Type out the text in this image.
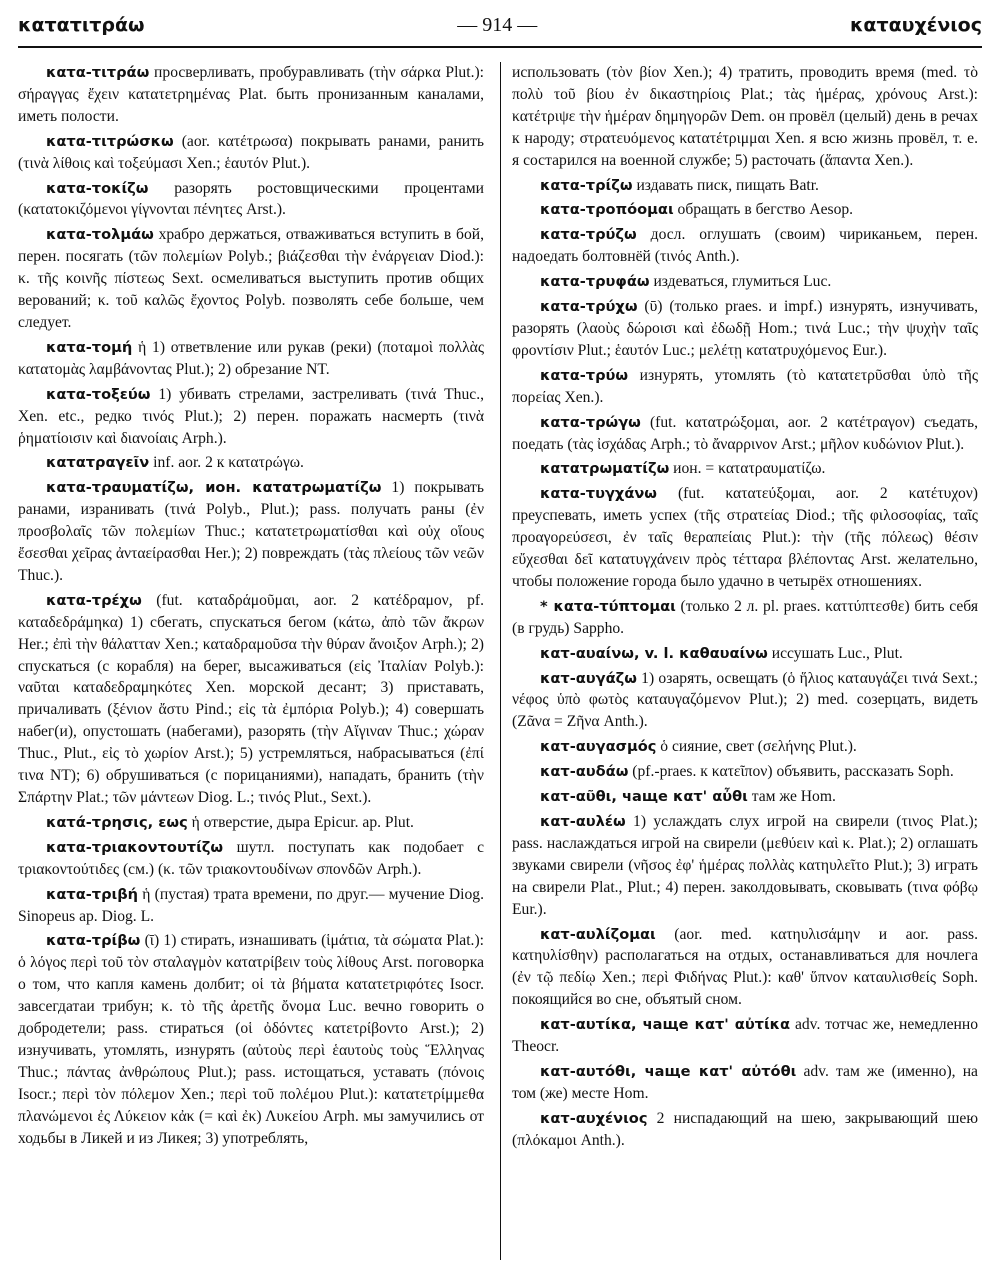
κατατιτράω	— 914 —	καταυχένιος

κατα-τιτράω просверливать, пробуравливать (τὴν σάρκα Plut.): σήραγγας ἔχειν κατατετρημένας Plat. быть пронизанным каналами, иметь полости.

κατα-τιτρώσκω (aor. κατέτρωσα) покрывать ранами, ранить (τινὰ λίθοις καὶ τοξεύμασι Xen.; ἑαυτόν Plut.).

κατα-τοκίζω разорять ростовщическими процентами (κατατοκιζόμενοι γίγνονται πένητες Arst.).

κατα-τολμάω храбро держаться, отваживаться вступить в бой, перен. посягать (τῶν πολεμίων Polyb.; βιάζεσθαι τὴν ἐνάργειαν Diod.): κ. τῆς κοινῆς πίστεως Sext. осмеливаться выступить против общих верований; κ. τοῦ καλῶς ἔχοντος Polyb. позволять себе больше, чем следует.

κατα-τομή ἡ 1) ответвление или рукав (реки) (ποταμοὶ πολλὰς κατατομὰς λαμβάνοντας Plut.); 2) обрезание NT.

κατα-τοξεύω 1) убивать стрелами, застреливать (τινά Thuc., Xen. etc., редко τινός Plut.); 2) перен. поражать насмерть (τινὰ ῥηματίοισιν καὶ διανοίαις Arph.).

κατατραγεῖν inf. aor. 2 к κατατρώγω.

κατα-τραυματίζω, ион. κατατρωματίζω 1) покрывать ранами, изранивать (τινά Polyb., Plut.); pass. получать раны (ἐν προσβολαῖς τῶν πολεμίων Thuc.; κατατετρωματίσθαι καὶ οὐχ οἵους ἔσεσθαι χεῖρας ἀνταείρασθαι Her.); 2) повреждать (τὰς πλείους τῶν νεῶν Thuc.).

κατα-τρέχω (fut. καταδράμοῦμαι, aor. 2 κατέδραμον, pf. καταδεδράμηκα) 1) сбегать, спускаться бегом (κάτω, ἀπὸ τῶν ἄκρων Her.; ἐπὶ τὴν θάλατταν Xen.; καταδραμοῦσα τὴν θύραν ἄνοιξον Arph.); 2) спускаться (с корабля) на берег, высаживаться (εἰς Ἰταλίαν Polyb.): ναῦται καταδεδραμηκότες Xen. морской десант; 3) приставать, причаливать (ξένιον ἄστυ Pind.; εἰς τὰ ἐμπόρια Polyb.); 4) совершать набег(и), опустошать (набегами), разорять (τὴν Αἴγιναν Thuc.; χώραν Thuc., Plut., εἰς τὸ χωρίον Arst.); 5) устремляться, набрасываться (ἐπί τινα NT); 6) обрушиваться (с порицаниями), нападать, бранить (τὴν Σπάρτην Plat.; τῶν μάντεων Diog. L.; τινός Plut., Sext.).

κατά-τρησις, εως ἡ отверстие, дыра Epicur. ap. Plut.

κατα-τριακοντουτίζω шутл. поступать как подобает с τριακοντούτιδες (см.) (κ. τῶν τριακοντουδίνων σπονδῶν Arph.).

κατα-τριβή ἡ (пустая) трата времени, по друг.— мучение Diog. Sinopeus ap. Diog. L.

κατα-τρίβω (ῑ) 1) стирать, изнашивать (ἱμάτια, τὰ σώματα Plat.): ὁ λόγος περὶ τοῦ τὸν σταλαγμὸν κατατρίβειν τοὺς λίθους Arst. поговорка о том, что капля камень долбит; οἱ τὰ βήματα κατατετριφότες Isocr. завсегдатаи трибун; κ. τὸ τῆς ἀρετῆς ὄνομα Luc. вечно говорить о добродетели; pass. стираться (οἱ ὀδόντες κατετρίβοντο Arst.); 2) изнучивать, утомлять, изнурять (αὐτοὺς περὶ ἑαυτοὺς τοὺς Ἕλληνας Thuc.; πάντας ἀνθρώπους Plut.); pass. истощаться, уставать (πόνοις Isocr.; περὶ τὸν πόλεμον Xen.; περὶ τοῦ πολέμου Plut.): κατατετρίμμεθα πλανώμενοι ἐς Λύκειον κἀκ (= καὶ ἐκ) Λυκείου Arph. мы замучились от ходьбы в Ликей и из Ликея; 3) употреблять,

использовать (τὸν βίον Xen.); 4) тратить, проводить время (med. τὸ πολὺ τοῦ βίου ἐν δικαστηρίοις Plat.; τὰς ἡμέρας, χρόνους Arst.): κατέτριψε τὴν ἡμέραν δημηγορῶν Dem. он провёл (целый) день в речах к народу; στρατευόμενος κατατέτριμμαι Xen. я всю жизнь провёл, т. е. я состарился на военной службе; 5) расточать (ἅπαντα Xen.).

κατα-τρίζω издавать писк, пищать Batr.

κατα-τροπόομαι обращать в бегство Aesop.

κατα-τρύζω досл. оглушать (своим) чириканьем, перен. надоедать болтовнёй (τινός Anth.).

κατα-τρυφάω издеваться, глумиться Luc.

κατα-τρύχω (ῡ) (только praes. и impf.) изнурять, изнучивать, разорять (λαοὺς δώροισι καὶ ἐδωδῇ Hom.; τινά Luc.; τὴν ψυχὴν ταῖς φροντίσιν Plut.; ἑαυτόν Luc.; μελέτῃ κατατρυχόμενος Eur.).

κατα-τρύω изнурять, утомлять (τὸ κατατετρῦσθαι ὑπὸ τῆς πορείας Xen.).

κατα-τρώγω (fut. κατατρώξομαι, aor. 2 κατέτραγον) съедать, поедать (τὰς ἰσχάδας Arph.; τὸ ἄναρρινον Arst.; μῆλον κυδώνιον Plut.).

κατατρωματίζω ион. = κατατραυματίζω.

κατα-τυγχάνω (fut. κατατεύξομαι, aor. 2 κατέτυχον) преуспевать, иметь успех (τῆς στρατείας Diod.; τῆς φιλοσοφίας, ταῖς προαγορεύσεσι, ἐν ταῖς θεραπείαις Plut.): τὴν (τῆς πόλεως) θέσιν εὔχεσθαι δεῖ κατατυγχάνειν πρὸς τέτταρα βλέποντας Arst. желательно, чтобы положение города было удачно в четырёх отношениях.

* κατα-τύπτομαι (только 2 л. pl. praes. καττύπτεσθε) бить себя (в грудь) Sappho.

κατ-αυαίνω, v. l. καθαυαίνω иссушать Luc., Plut.

κατ-αυγάζω 1) озарять, освещать (ὁ ἥλιος καταυγάζει τινά Sext.; νέφος ὑπὸ φωτὸς καταυγαζόμενον Plut.); 2) med. созерцать, видеть (Ζᾶνα = Ζῆνα Anth.).

κατ-αυγασμός ὁ сияние, свет (σελήνης Plut.).

κατ-αυδάω (pf.-praes. к κατεῖπον) объявить, рассказать Soph.

κατ-αῦθι, чаще κατ' αὖθι там же Hom.

κατ-αυλέω 1) услаждать слух игрой на свирели (τινος Plat.); pass. наслаждаться игрой на свирели (μεθύειν καὶ κ. Plat.); 2) оглашать звуками свирели (νῆσος ἐφ' ἡμέρας πολλὰς κατηυλεῖτο Plut.); 3) играть на свирели Plat., Plut.; 4) перен. заколдовывать, сковывать (τινα φόβῳ Eur.).

κατ-αυλίζομαι (aor. med. κατηυλισάμην и aor. pass. κατηυλίσθην) располагаться на отдых, останавливаться для ночлега (ἐν τῷ πεδίῳ Xen.; περὶ Φιδήνας Plut.): καθ' ὕπνον καταυλισθείς Soph. покоящийся во сне, объятый сном.

κατ-αυτίκα, чаще κατ' αὐτίκα adv. тотчас же, немедленно Theocr.

κατ-αυτόθι, чаще κατ' αὐτόθι adv. там же (именно), на том (же) месте Hom.

κατ-αυχένιος 2 ниспадающий на шею, закрывающий шею (πλόκαμοι Anth.).
